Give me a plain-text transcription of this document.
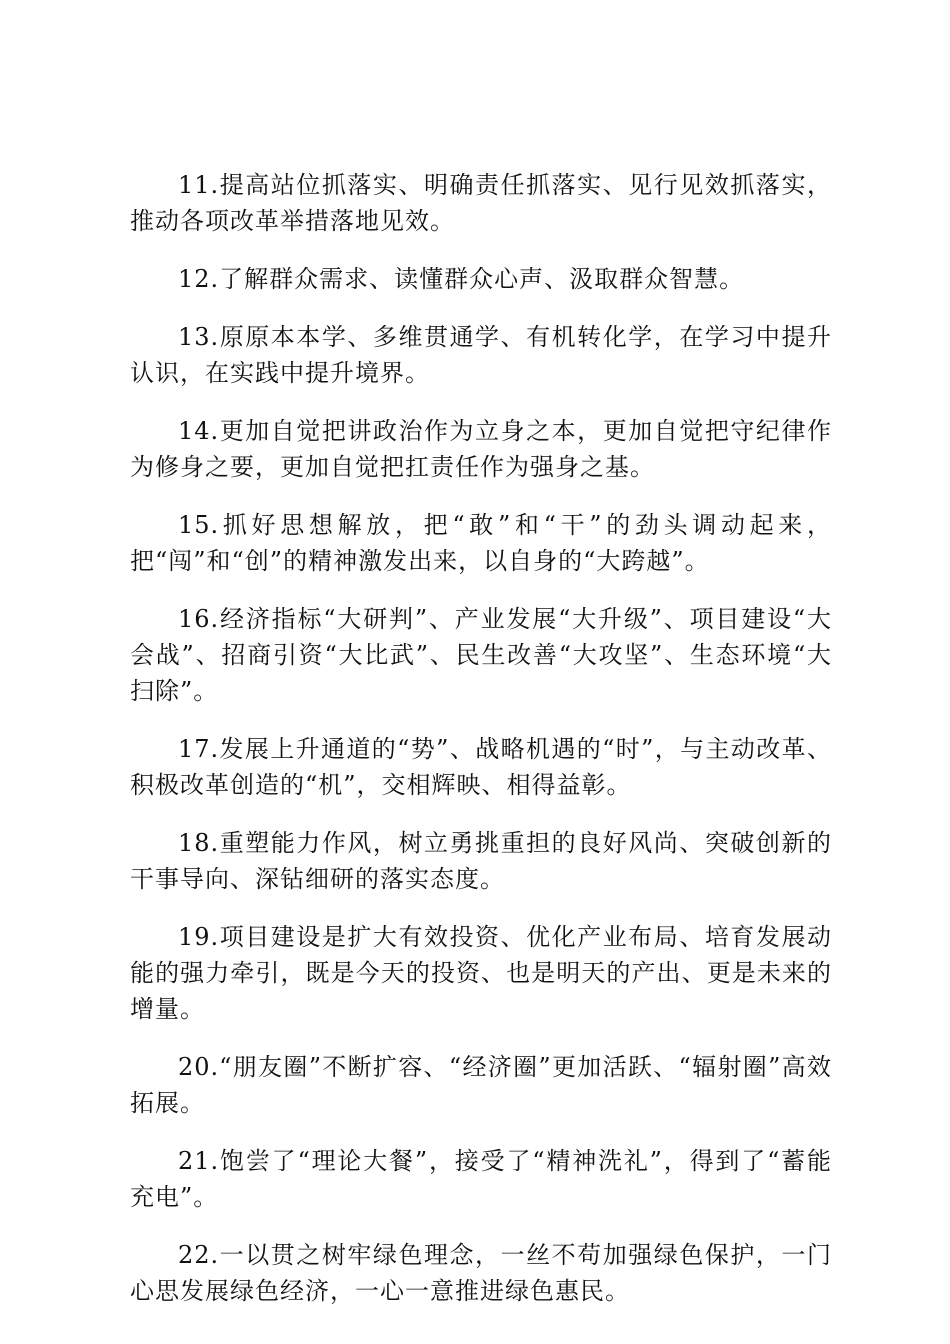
11.提高站位抓落实、明确责任抓落实、见行见效抓落实，推动各项改革举措落地见效。

12.了解群众需求、读懂群众心声、汲取群众智慧。

13.原原本本学、多维贯通学、有机转化学，在学习中提升认识，在实践中提升境界。

14.更加自觉把讲政治作为立身之本，更加自觉把守纪律作为修身之要，更加自觉把扛责任作为强身之基。

15.抓好思想解放，把“敢”和“干”的劲头调动起来，把“闯”和“创”的精神激发出来，以自身的“大跨越”。

16.经济指标“大研判”、产业发展“大升级”、项目建设“大会战”、招商引资“大比武”、民生改善“大攻坚”、生态环境“大扫除”。

17.发展上升通道的“势”、战略机遇的“时”，与主动改革、积极改革创造的“机”，交相辉映、相得益彰。

18.重塑能力作风，树立勇挑重担的良好风尚、突破创新的干事导向、深钻细研的落实态度。

19.项目建设是扩大有效投资、优化产业布局、培育发展动能的强力牵引，既是今天的投资、也是明天的产出、更是未来的增量。

20.“朋友圈”不断扩容、“经济圈”更加活跃、“辐射圈”高效拓展。

21.饱尝了“理论大餐”，接受了“精神洗礼”，得到了“蓄能充电”。

22.一以贯之树牢绿色理念，一丝不苟加强绿色保护，一门心思发展绿色经济，一心一意推进绿色惠民。
